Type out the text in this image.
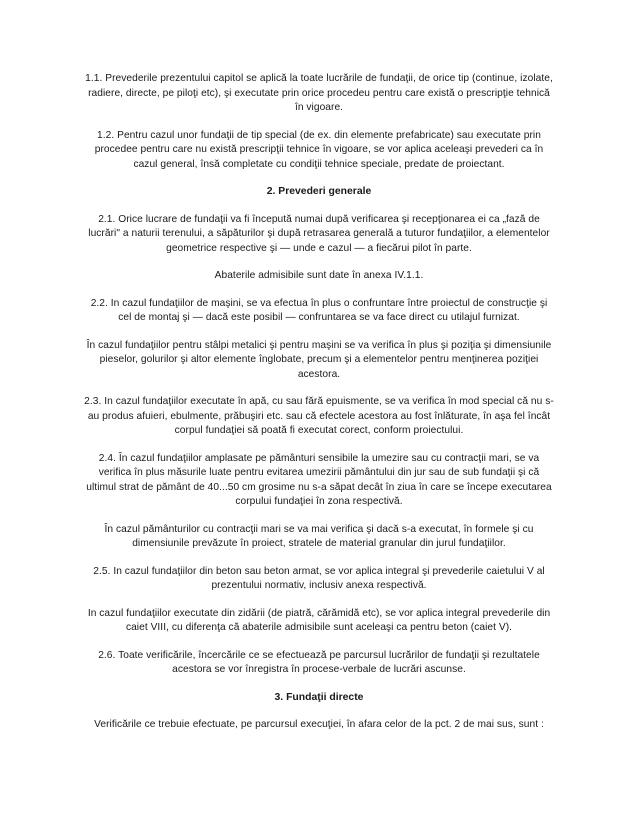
1.1. Prevederile prezentului capitol se aplică la toate lucrările de fundaţii, de orice tip (continue, izolate, radiere, directe, pe piloţi etc), şi executate prin orice procedeu pentru care există o prescripţie tehnică în vigoare.

1.2. Pentru cazul unor fundaţii de tip special (de ex. din elemente prefabricate) sau executate prin procedee pentru care nu există prescripţii tehnice în vigoare, se vor aplica aceleaşi prevederi ca în cazul general, însă completate cu condiţii tehnice speciale, predate de proiectant.

2. Prevederi generale

2.1. Orice lucrare de fundaţii va fi începută numai după verificarea şi recepţionarea ei ca „fază de lucrări" a naturii terenului, a săpăturilor şi după retrasarea generală a tuturor fundaţiilor, a elementelor geometrice respective şi — unde e cazul — a fiecărui pilot în parte.

Abaterile admisibile sunt date în anexa IV.1.1.

2.2. In cazul fundaţiilor de maşini, se va efectua în plus o confruntare între proiectul de construcţie şi cel de montaj şi — dacă este posibil — confruntarea se va face direct cu utilajul furnizat.

În cazul fundaţiilor pentru stâlpi metalici şi pentru maşini se va verifica în plus şi poziţia şi dimensiunile pieselor, golurilor şi altor elemente înglobate, precum şi a elementelor pentru menţinerea poziţiei acestora.

2.3. In cazul fundaţiilor executate în apă, cu sau fără epuismente, se va verifica în mod special că nu s-au produs afuieri, ebulmente, prăbuşiri etc. sau că efectele acestora au fost înlăturate, în aşa fel încât corpul fundaţiei să poată fi executat corect, conform proiectului.

2.4. În cazul fundaţiilor amplasate pe pământuri sensibile la umezire sau cu contracţii mari, se va verifica în plus măsurile luate pentru evitarea umezirii pământului din jur sau de sub fundaţii şi că ultimul strat de pământ de 40...50 cm grosime nu s-a săpat decât în ziua în care se începe executarea corpului fundaţiei în zona respectivă.

În cazul pământurilor cu contracţii mari se va mai verifica şi dacă s-a executat, în formele şi cu dimensiunile prevăzute în proiect, stratele de material granular din jurul fundaţiilor.

2.5. In cazul fundaţiilor din beton sau beton armat, se vor aplica integral şi prevederile caietului V al prezentului normativ, inclusiv anexa respectivă.

In cazul fundaţiilor executate din zidării (de piatră, cărămidă etc), se vor aplica integral prevederile din caiet VIII, cu diferenţa că abaterile admisibile sunt aceleaşi ca pentru beton (caiet V).

2.6. Toate verificările, încercările ce se efectuează pe parcursul lucrărilor de fundaţii şi rezultatele acestora se vor înregistra în procese-verbale de lucrări ascunse.

3. Fundaţii directe

Verificările ce trebuie efectuate, pe parcursul execuţiei, în afara celor de la pct. 2 de mai sus, sunt :
